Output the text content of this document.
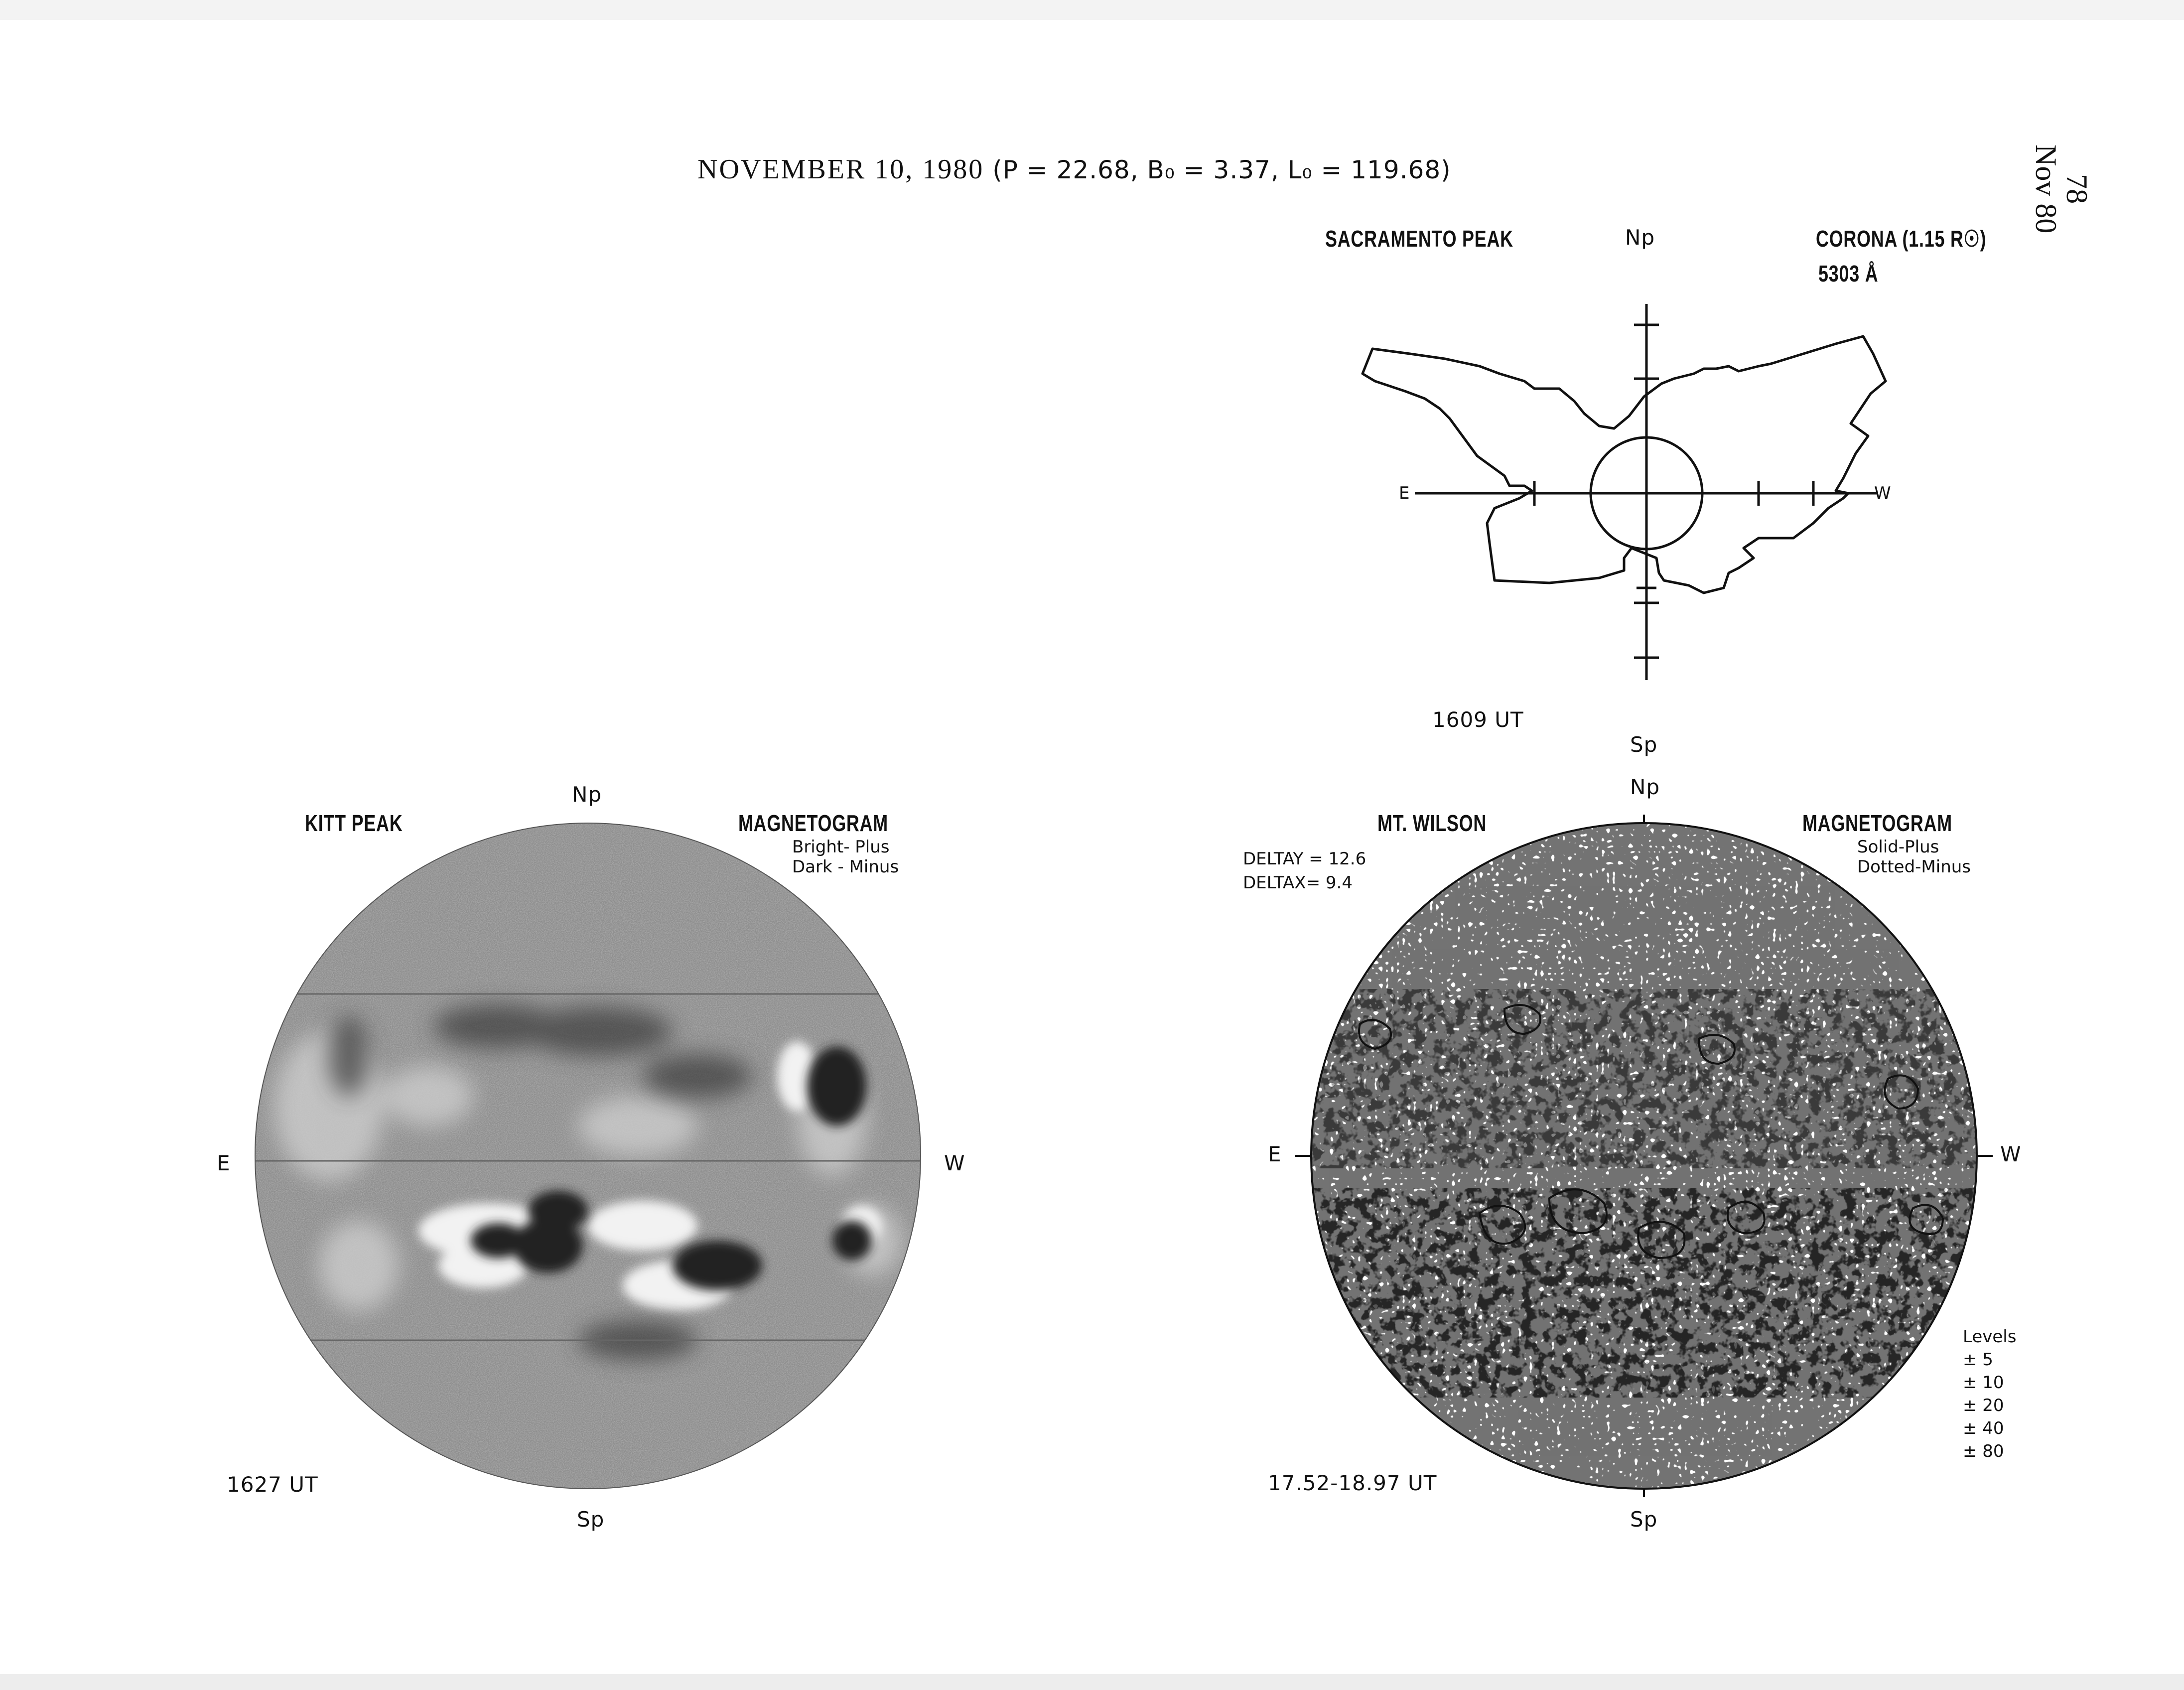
NOVEMBER 10, 1980 (P = 22.68, B₀ = 3.37, L₀ = 119.68)
78
Nov 80
SACRAMENTO PEAK	Np	CORONA (1.15 R☉)
5303 Å
E	W
1609 UT
Sp
Np
KITT PEAK	MAGNETOGRAM
Bright- Plus
Dark - Minus
E	W
1627 UT
Sp
Np
MT. WILSON	MAGNETOGRAM
Solid-Plus
Dotted-Minus
DELTAY = 12.6
DELTAX= 9.4
E	W
17.52-18.97 UT
Sp
Levels
± 5
± 10
± 20
± 40
± 80
